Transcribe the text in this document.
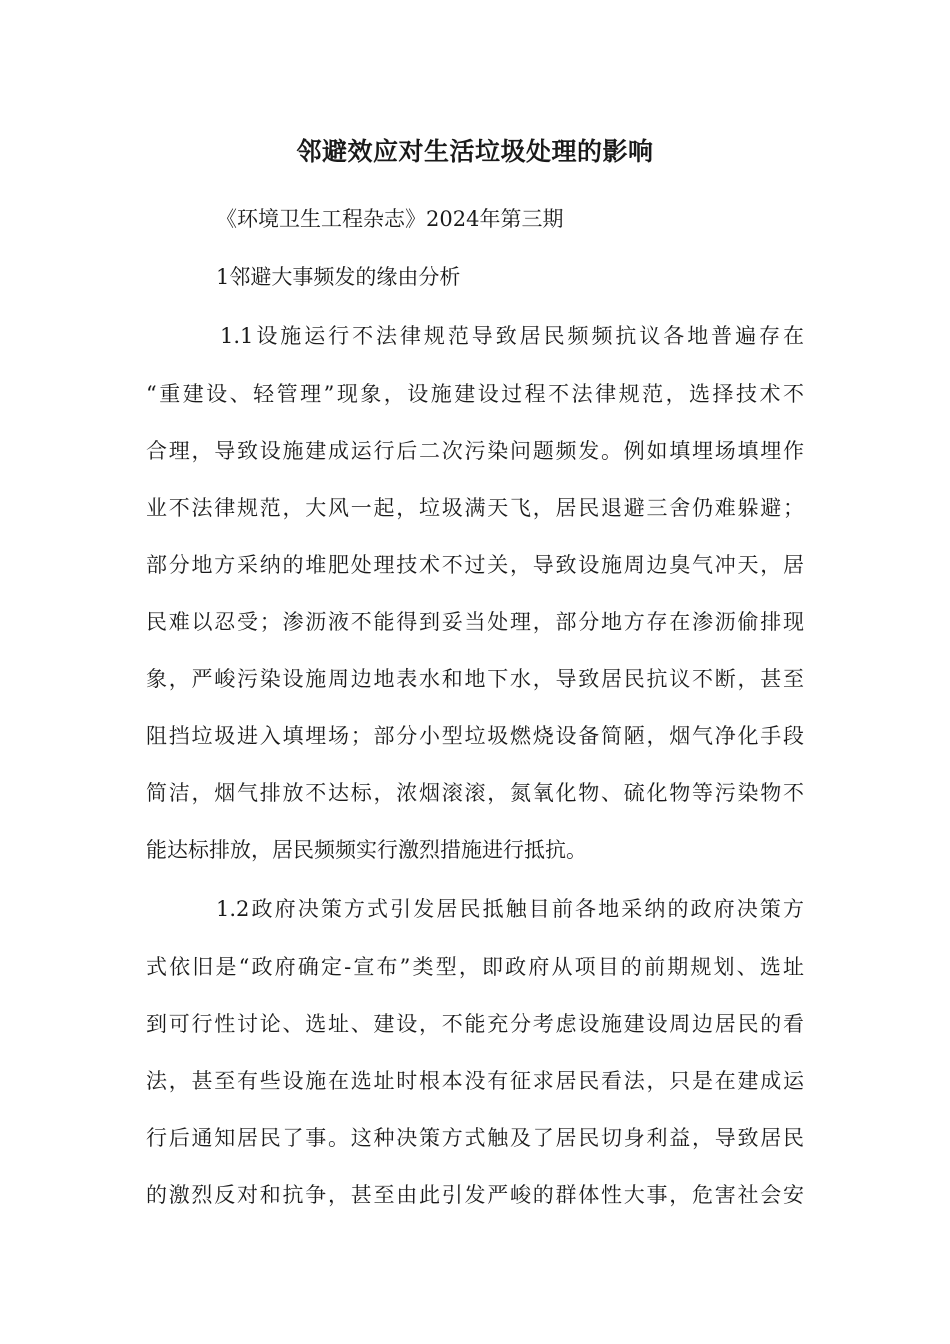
邻避效应对生活垃圾处理的影响
《环境卫生工程杂志》2024年第三期
1邻避大事频发的缘由分析
1.1设施运行不法律规范导致居民频频抗议各地普遍存在
“重建设、轻管理”现象，设施建设过程不法律规范，选择技术不
合理，导致设施建成运行后二次污染问题频发。例如填埋场填埋作
业不法律规范，大风一起，垃圾满天飞，居民退避三舍仍难躲避；
部分地方采纳的堆肥处理技术不过关，导致设施周边臭气冲天，居
民难以忍受；渗沥液不能得到妥当处理，部分地方存在渗沥偷排现
象，严峻污染设施周边地表水和地下水，导致居民抗议不断，甚至
阻挡垃圾进入填埋场；部分小型垃圾燃烧设备简陋，烟气净化手段
简洁，烟气排放不达标，浓烟滚滚，氮氧化物、硫化物等污染物不
能达标排放，居民频频实行激烈措施进行抵抗。
1.2政府决策方式引发居民抵触目前各地采纳的政府决策方
式依旧是“政府确定-宣布”类型，即政府从项目的前期规划、选址
到可行性讨论、选址、建设，不能充分考虑设施建设周边居民的看
法，甚至有些设施在选址时根本没有征求居民看法，只是在建成运
行后通知居民了事。这种决策方式触及了居民切身利益，导致居民
的激烈反对和抗争，甚至由此引发严峻的群体性大事，危害社会安
